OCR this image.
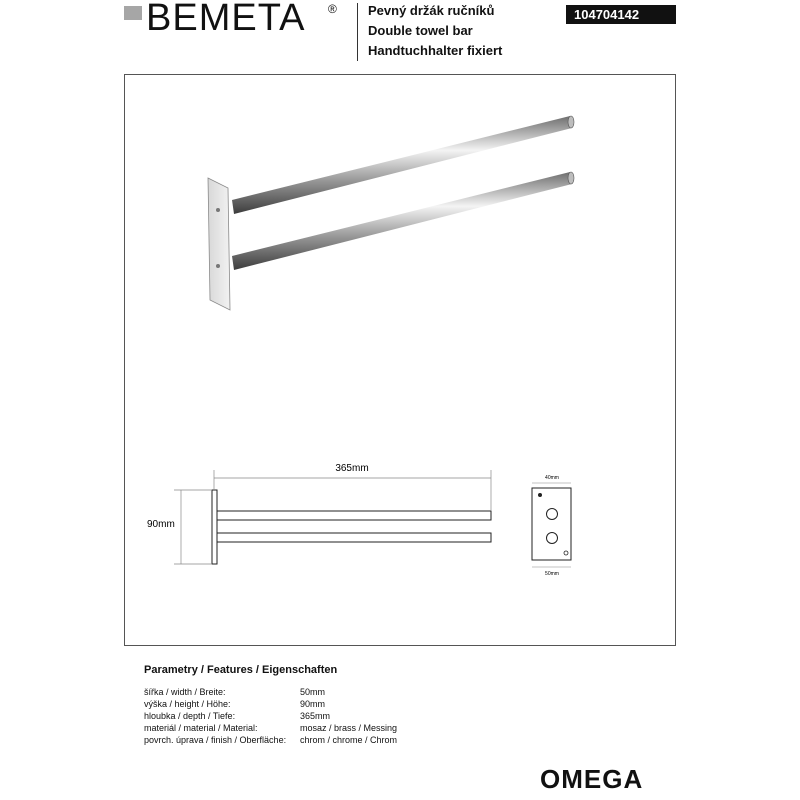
BEMETA ® Pevný držák ručníků
Double towel bar
Handtuchhalter fixiert
104704142
365mm
90mm
40mm
50mm
Parametry / Features / Eigenschaften
šířka / width / Breite:	50mm
výška / height / Höhe:	90mm
hloubka / depth / Tiefe:	365mm
materiál / material / Material:	mosaz / brass / Messing
povrch. úprava / finish / Oberfläche: chrom / chrome / Chrom
OMEGA
